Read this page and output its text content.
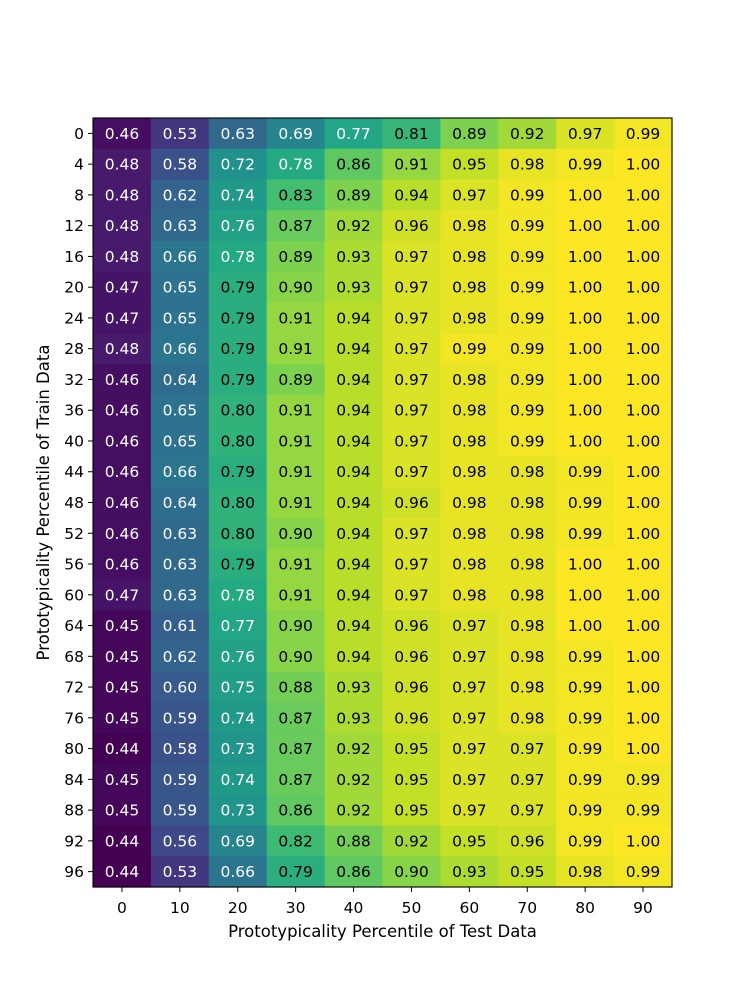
0.46 0.53 0.63 0.69 0.77 0.81 0.89 0.92 0.97 0.99
0.48 0.58 0.72 0.78 0.86 0.91 0.95 0.98 0.99 1.00
0.48 0.62 0.74 0.83 0.89 0.94 0.97 0.99 1.00 1.00
0.48 0.63 0.76 0.87 0.92 0.96 0.98 0.99 1.00 1.00
0.48 0.66 0.78 0.89 0.93 0.97 0.98 0.99 1.00 1.00
0.47 0.65 0.79 0.90 0.93 0.97 0.98 0.99 1.00 1.00
0.47 0.65 0.79 0.91 0.94 0.97 0.98 0.99 1.00 1.00
0.48 0.66 0.79 0.91 0.94 0.97 0.99 0.99 1.00 1.00
0.46 0.64 0.79 0.89 0.94 0.97 0.98 0.99 1.00 1.00
0.46 0.65 0.80 0.91 0.94 0.97 0.98 0.99 1.00 1.00
0.46 0.65 0.80 0.91 0.94 0.97 0.98 0.99 1.00 1.00
0.46 0.66 0.79 0.91 0.94 0.97 0.98 0.98 0.99 1.00
0.46 0.64 0.80 0.91 0.94 0.96 0.98 0.98 0.99 1.00
0.46 0.63 0.80 0.90 0.94 0.97 0.98 0.98 0.99 1.00
0.46 0.63 0.79 0.91 0.94 0.97 0.98 0.98 1.00 1.00
0.47 0.63 0.78 0.91 0.94 0.97 0.98 0.98 1.00 1.00
0.45 0.61 0.77 0.90 0.94 0.96 0.97 0.98 1.00 1.00
0.45 0.62 0.76 0.90 0.94 0.96 0.97 0.98 0.99 1.00
0.45 0.60 0.75 0.88 0.93 0.96 0.97 0.98 0.99 1.00
0.45 0.59 0.74 0.87 0.93 0.96 0.97 0.98 0.99 1.00
0.44 0.58 0.73 0.87 0.92 0.95 0.97 0.97 0.99 1.00
0.45 0.59 0.74 0.87 0.92 0.95 0.97 0.97 0.99 0.99
0.45 0.59 0.73 0.86 0.92 0.95 0.97 0.97 0.99 0.99
0.44 0.56 0.69 0.82 0.88 0.92 0.95 0.96 0.99 1.00
0.44 0.53 0.66 0.79 0.86 0.90 0.93 0.95 0.98 0.99
0	10 20 30 40 50 60 70 80 90
0
4
8
12
16
20
24
28
32
36
40
44
48
52
56
60
64
68
72
76
80
84
88
92
96
Prototypicality Percentile of Test Data
Prototypicality Percentile of Train Data
